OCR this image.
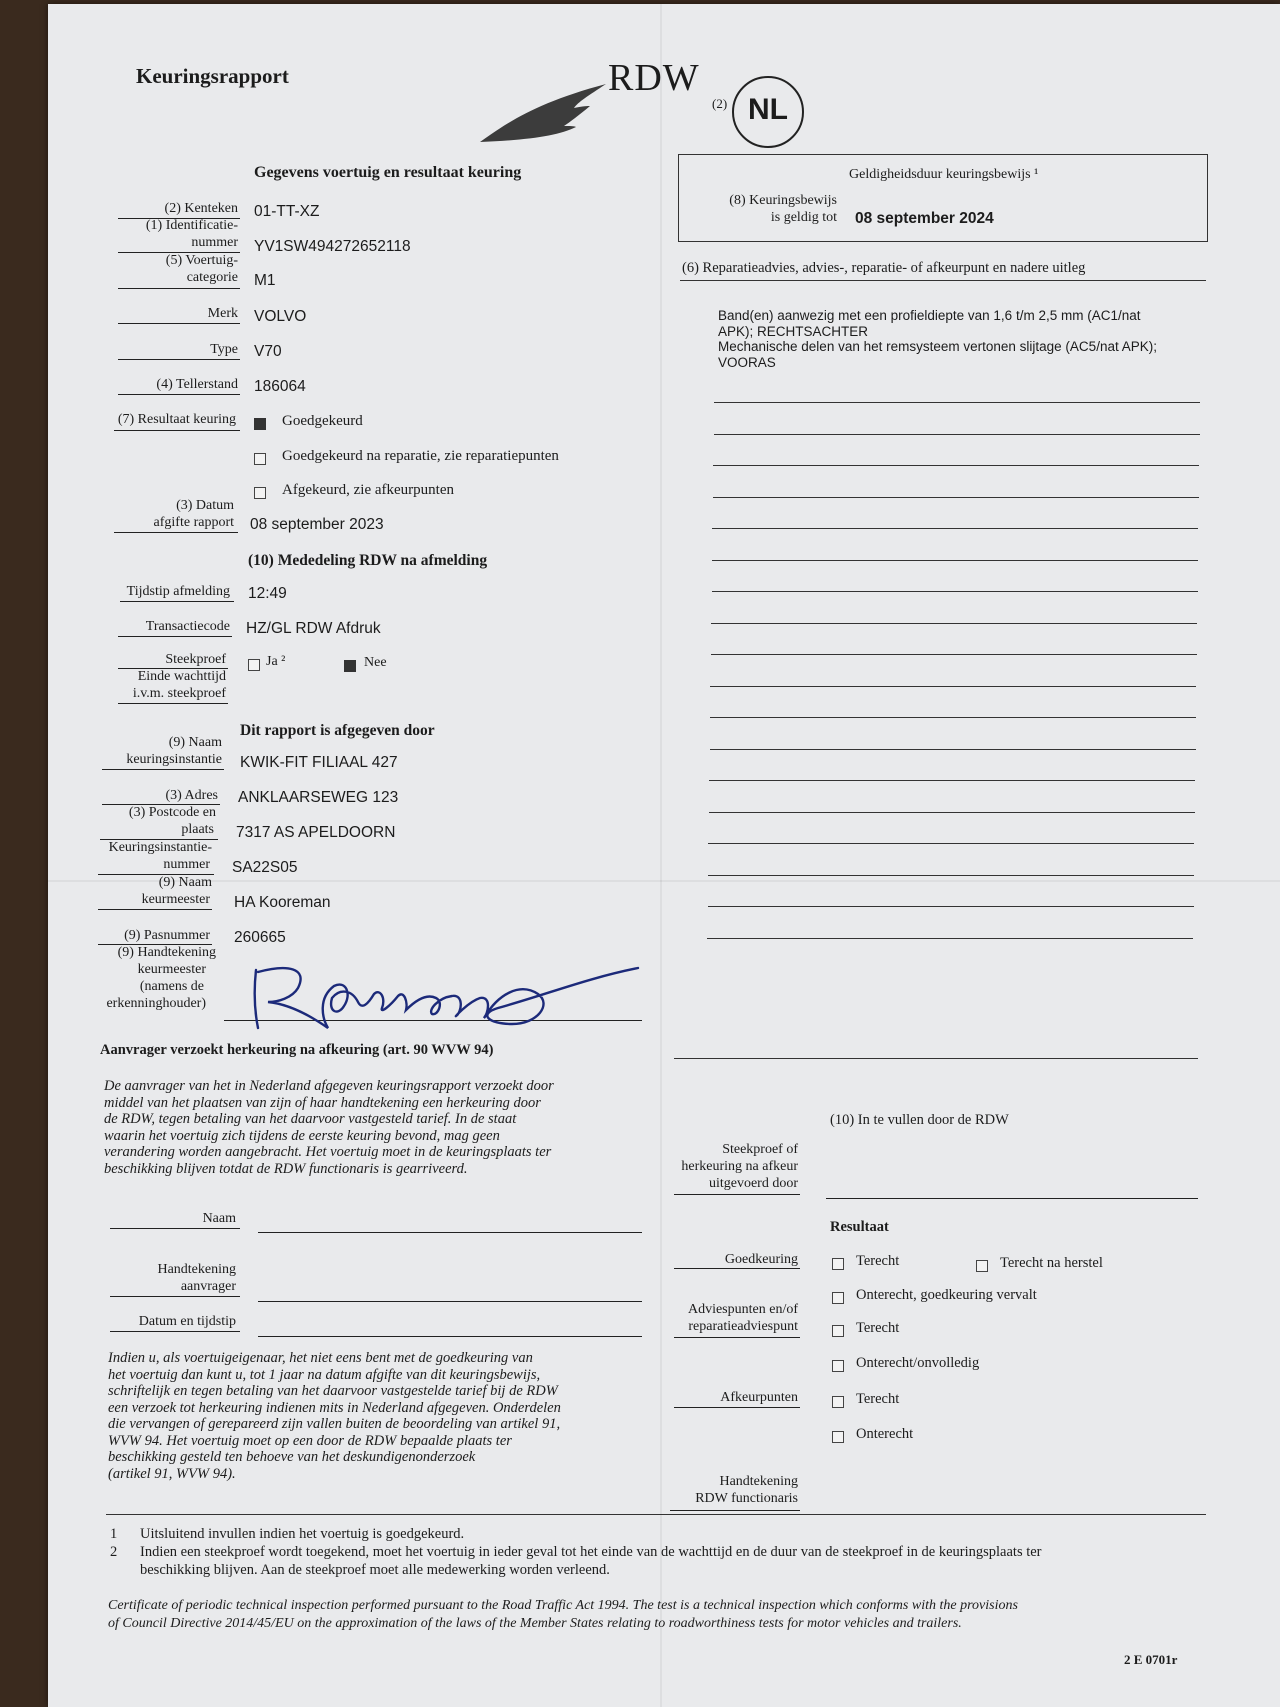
Keuringsrapport	RDW
(2) NL
Gegevens voertuig en resultaat keuring
(2) Kenteken 01-TT-XZ
(1) Identificatie-
nummer YV1SW494272652118
(5) Voertuig-
categorie M1
Merk VOLVO
Type V70
(4) Tellerstand 186064
(7) Resultaat keuring	Goedgekeurd
Goedgekeurd na reparatie, zie reparatiepunten
Afgekeurd, zie afkeurpunten
(3) Datum
afgifte rapport 08 september 2023
(10) Mededeling RDW na afmelding
Tijdstip afmelding 12:49
Transactiecode HZ/GL RDW Afdruk
Steekproef	Ja ²	Nee
Einde wachttijd
i.v.m. steekproef
Dit rapport is afgegeven door
(9) Naam
keuringsinstantie KWIK-FIT FILIAAL 427
(3) Adres ANKLAARSEWEG 123
(3) Postcode en
plaats 7317 AS APELDOORN
Keuringsinstantie-
nummer SA22S05
(9) Naam
keurmeester HA Kooreman
(9) Pasnummer 260665
(9) Handtekening
keurmeester
(namens de
erkenninghouder)
RKooreman
Geldigheidsduur keuringsbewijs ¹
(8) Keuringsbewijs
is geldig tot 08 september 2024
(6) Reparatieadvies, advies-, reparatie- of afkeurpunt en nadere uitleg
Band(en) aanwezig met een profieldiepte van 1,6 t/m 2,5 mm (AC1/nat
APK); RECHTSACHTER
Mechanische delen van het remsysteem vertonen slijtage (AC5/nat APK);
VOORAS
Aanvrager verzoekt herkeuring na afkeuring (art. 90 WVW 94)
De aanvrager van het in Nederland afgegeven keuringsrapport verzoekt door
middel van het plaatsen van zijn of haar handtekening een herkeuring door
de RDW, tegen betaling van het daarvoor vastgesteld tarief. In de staat
waarin het voertuig zich tijdens de eerste keuring bevond, mag geen
verandering worden aangebracht. Het voertuig moet in de keuringsplaats ter
beschikking blijven totdat de RDW functionaris is gearriveerd.
Naam
Handtekening
aanvrager
Datum en tijdstip
Indien u, als voertuigeigenaar, het niet eens bent met de goedkeuring van
het voertuig dan kunt u, tot 1 jaar na datum afgifte van dit keuringsbewijs,
schriftelijk en tegen betaling van het daarvoor vastgestelde tarief bij de RDW
een verzoek tot herkeuring indienen mits in Nederland afgegeven. Onderdelen
die vervangen of gerepareerd zijn vallen buiten de beoordeling van artikel 91,
WVW 94. Het voertuig moet op een door de RDW bepaalde plaats ter
beschikking gesteld ten behoeve van het deskundigenonderzoek
(artikel 91, WVW 94).
(10) In te vullen door de RDW
Steekproef of
herkeuring na afkeur
uitgevoerd door
Resultaat
Goedkeuring	Terecht	Terecht na herstel
Onterecht, goedkeuring vervalt
Adviespunten en/of
reparatieadviespunt	Terecht
Onterecht/onvolledig
Afkeurpunten	Terecht
Onterecht
Handtekening
RDW functionaris
1 Uitsluitend invullen indien het voertuig is goedgekeurd.
2 Indien een steekproef wordt toegekend, moet het voertuig in ieder geval tot het einde van de wachttijd en de duur van de steekproef in de keuringsplaats ter
beschikking blijven. Aan de steekproef moet alle medewerking worden verleend.
Certificate of periodic technical inspection performed pursuant to the Road Traffic Act 1994. The test is a technical inspection which conforms with the provisions
of Council Directive 2014/45/EU on the approximation of the laws of the Member States relating to roadworthiness tests for motor vehicles and trailers.
2 E 0701r
